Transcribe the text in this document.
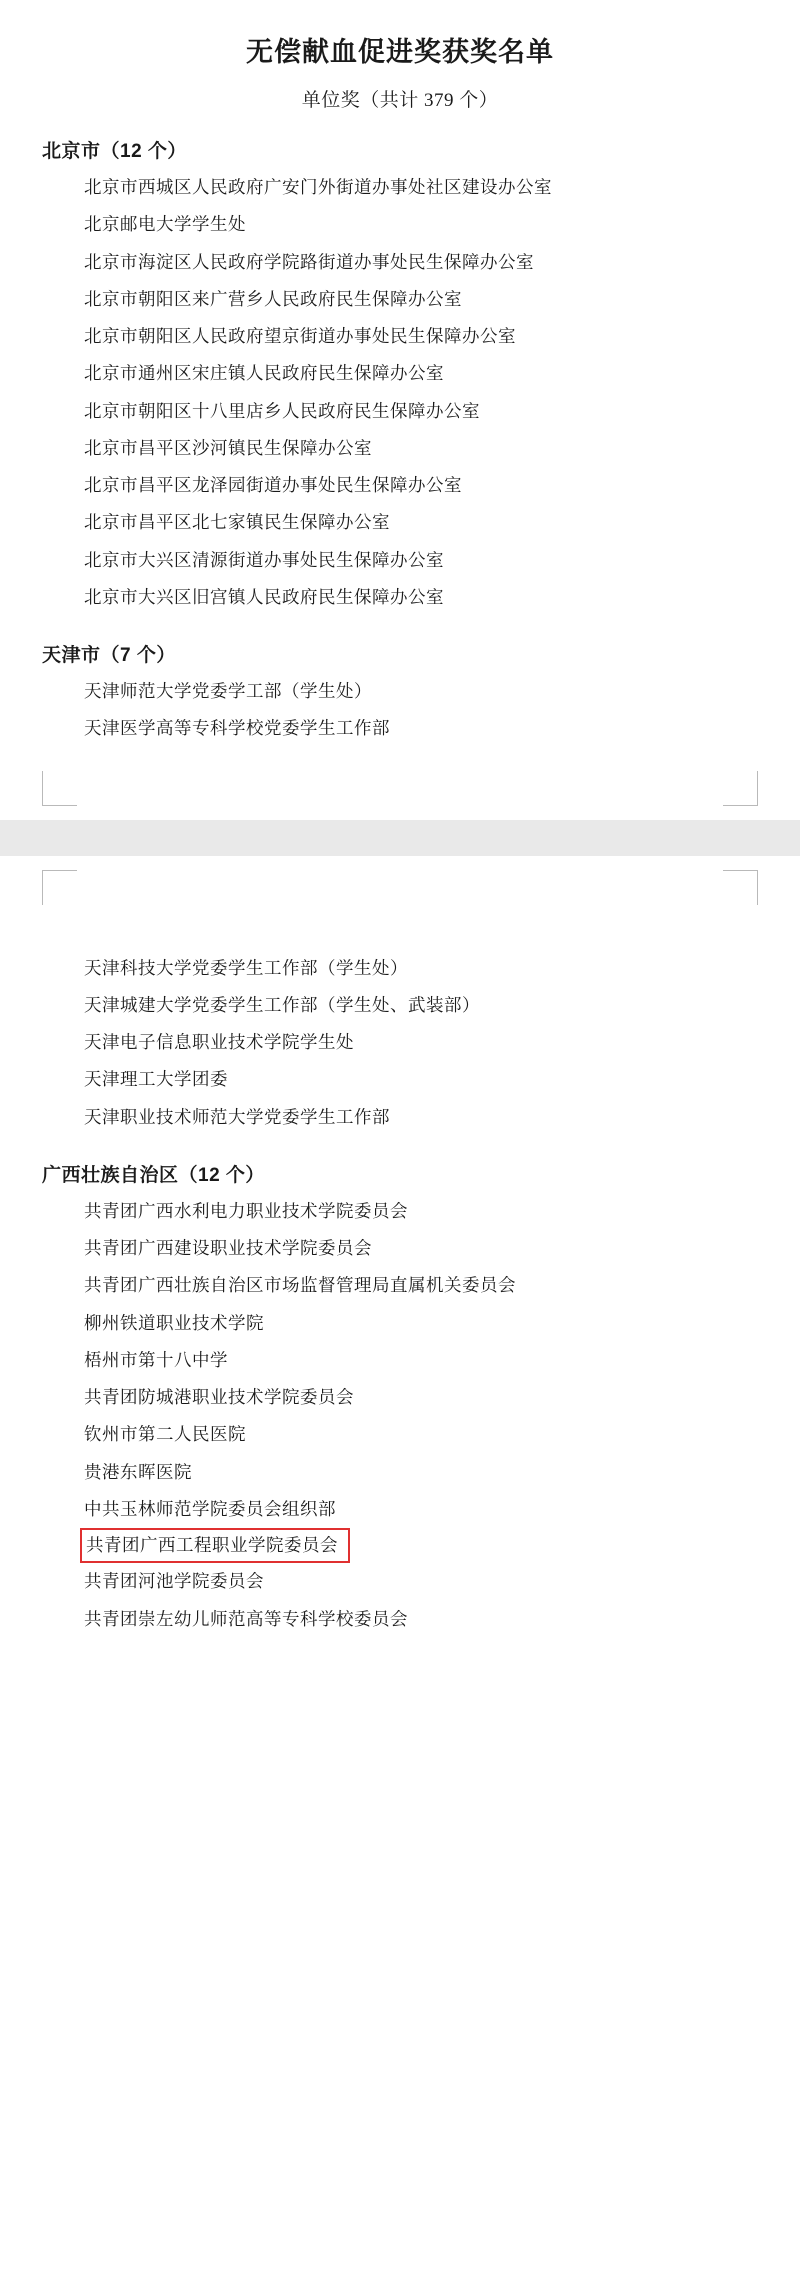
无偿献血促进奖获奖名单
单位奖（共计 379 个）
北京市（12 个）
北京市西城区人民政府广安门外街道办事处社区建设办公室
北京邮电大学学生处
北京市海淀区人民政府学院路街道办事处民生保障办公室
北京市朝阳区来广营乡人民政府民生保障办公室
北京市朝阳区人民政府望京街道办事处民生保障办公室
北京市通州区宋庄镇人民政府民生保障办公室
北京市朝阳区十八里店乡人民政府民生保障办公室
北京市昌平区沙河镇民生保障办公室
北京市昌平区龙泽园街道办事处民生保障办公室
北京市昌平区北七家镇民生保障办公室
北京市大兴区清源街道办事处民生保障办公室
北京市大兴区旧宫镇人民政府民生保障办公室
天津市（7 个）
天津师范大学党委学工部（学生处）
天津医学高等专科学校党委学生工作部
天津科技大学党委学生工作部（学生处）
天津城建大学党委学生工作部（学生处、武装部）
天津电子信息职业技术学院学生处
天津理工大学团委
天津职业技术师范大学党委学生工作部
广西壮族自治区（12 个）
共青团广西水利电力职业技术学院委员会
共青团广西建设职业技术学院委员会
共青团广西壮族自治区市场监督管理局直属机关委员会
柳州铁道职业技术学院
梧州市第十八中学
共青团防城港职业技术学院委员会
钦州市第二人民医院
贵港东晖医院
中共玉林师范学院委员会组织部
共青团广西工程职业学院委员会
共青团河池学院委员会
共青团崇左幼儿师范高等专科学校委员会
